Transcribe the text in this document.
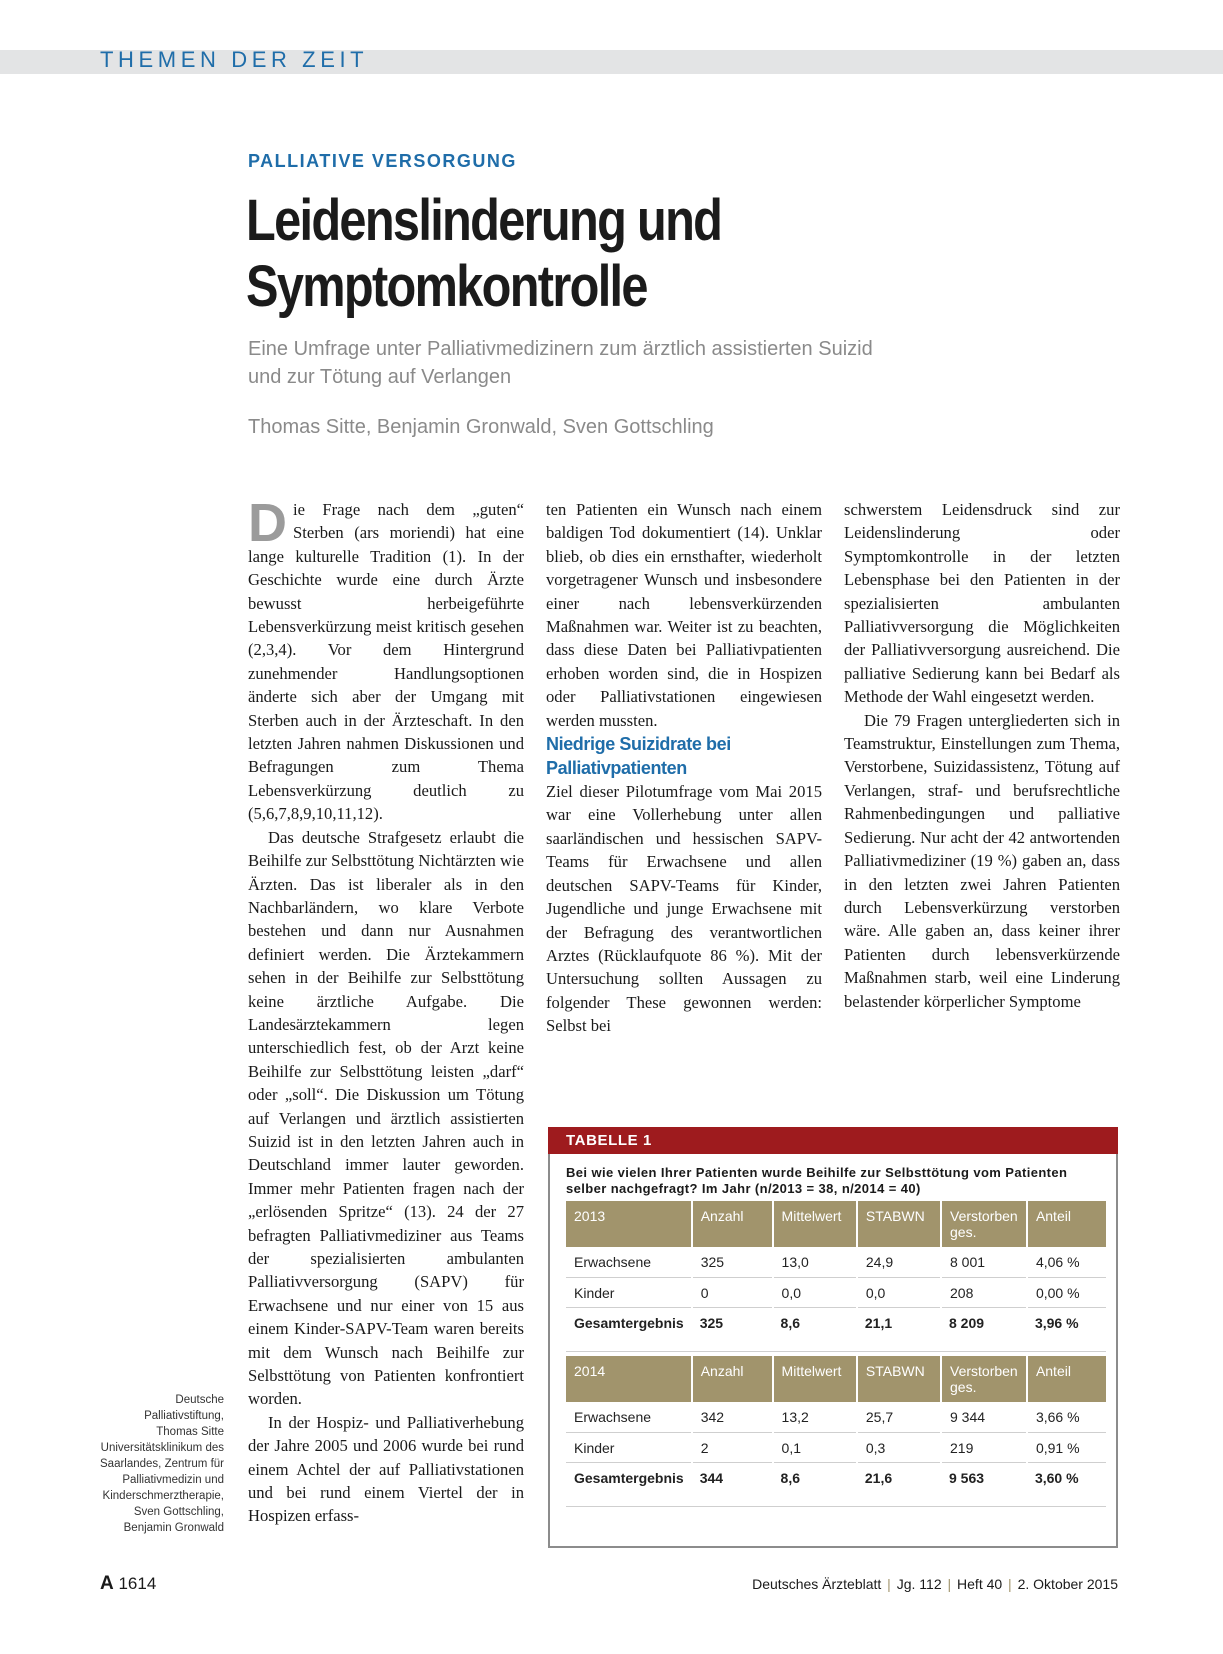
THEMEN DER ZEIT
PALLIATIVE VERSORGUNG
Leidenslinderung und
Symptomkontrolle
Eine Umfrage unter Palliativmedizinern zum ärztlich assistierten Suizid
und zur Tötung auf Verlangen
Thomas Sitte, Benjamin Gronwald, Sven Gottschling

Die Frage nach dem „guten“ Sterben (ars moriendi) hat eine lange kulturelle Tradition (1). In der Geschichte wurde eine durch Ärzte bewusst herbeigeführte Lebensverkürzung meist kritisch gesehen (2,3,4). Vor dem Hintergrund zunehmender Handlungsoptionen änderte sich aber der Umgang mit Sterben auch in der Ärzteschaft. In den letzten Jahren nahmen Diskussionen und Befragungen zum Thema Lebensverkürzung deutlich zu (5,6,7,8,9,10,11,12).

Das deutsche Strafgesetz erlaubt die Beihilfe zur Selbsttötung Nichtärzten wie Ärzten. Das ist liberaler als in den Nachbarländern, wo klare Verbote bestehen und dann nur Ausnahmen definiert werden. Die Ärztekammern sehen in der Beihilfe zur Selbsttötung keine ärztliche Aufgabe. Die Landesärztekammern legen unterschiedlich fest, ob der Arzt keine Beihilfe zur Selbsttötung leisten „darf“ oder „soll“. Die Diskussion um Tötung auf Verlangen und ärztlich assistierten Suizid ist in den letzten Jahren auch in Deutschland immer lauter geworden. Immer mehr Patienten fragen nach der „erlösenden Spritze“ (13). 24 der 27 befragten Palliativmediziner aus Teams der spezialisierten ambulanten Palliativversorgung (SAPV) für Erwachsene und nur einer von 15 aus einem Kinder-SAPV-Team waren bereits mit dem Wunsch nach Beihilfe zur Selbsttötung von Patienten konfrontiert worden.

In der Hospiz- und Palliativerhebung der Jahre 2005 und 2006 wurde bei rund einem Achtel der auf Palliativstationen und bei rund einem Viertel der in Hospizen erfass-

ten Patienten ein Wunsch nach einem baldigen Tod dokumentiert (14). Unklar blieb, ob dies ein ernsthafter, wiederholt vorgetragener Wunsch und insbesondere einer nach lebensverkürzenden Maßnahmen war. Weiter ist zu beachten, dass diese Daten bei Palliativpatienten erhoben worden sind, die in Hospizen oder Palliativstationen eingewiesen werden mussten.

Niedrige Suizidrate bei Palliativpatienten

Ziel dieser Pilotumfrage vom Mai 2015 war eine Vollerhebung unter allen saarländischen und hessischen SAPV-Teams für Erwachsene und allen deutschen SAPV-Teams für Kinder, Jugendliche und junge Erwachsene mit der Befragung des verantwortlichen Arztes (Rücklaufquote 86 %). Mit der Untersuchung sollten Aussagen zu folgender These gewonnen werden: Selbst bei

schwerstem Leidensdruck sind zur Leidenslinderung oder Symptomkontrolle in der letzten Lebensphase bei den Patienten in der spezialisierten ambulanten Palliativversorgung die Möglichkeiten der Palliativversorgung ausreichend. Die palliative Sedierung kann bei Bedarf als Methode der Wahl eingesetzt werden.

Die 79 Fragen untergliederten sich in Teamstruktur, Einstellungen zum Thema, Verstorbene, Suizidassistenz, Tötung auf Verlangen, straf- und berufsrechtliche Rahmenbedingungen und palliative Sedierung. Nur acht der 42 antwortenden Palliativmediziner (19 %) gaben an, dass in den letzten zwei Jahren Patienten durch Lebensverkürzung verstorben wäre. Alle gaben an, dass keiner ihrer Patienten durch lebensverkürzende Maßnahmen starb, weil eine Linderung belastender körperlicher Symptome

Deutsche Palliativstiftung, Thomas Sitte

Universitätsklinikum des Saarlandes, Zentrum für Palliativmedizin und Kinderschmerztherapie, Sven Gottschling, Benjamin Gronwald

TABELLE 1
Bei wie vielen Ihrer Patienten wurde Beihilfe zur Selbsttötung vom Patienten selber nachgefragt? Im Jahr (n/2013 = 38, n/2014 = 40)
2013	Anzahl	Mittelwert	STABWN	Verstorben ges.	Anteil
Erwachsene	325	13,0	24,9	8 001	4,06 %
Kinder	0	0,0	0,0	208	0,00 %
Gesamtergebnis	325	8,6	21,1	8 209	3,96 %
2014	Anzahl	Mittelwert	STABWN	Verstorben ges.	Anteil
Erwachsene	342	13,2	25,7	9 344	3,66 %
Kinder	2	0,1	0,3	219	0,91 %
Gesamtergebnis	344	8,6	21,6	9 563	3,60 %
A 1614	Deutsches Ärzteblatt | Jg. 112 | Heft 40 | 2. Oktober 2015
